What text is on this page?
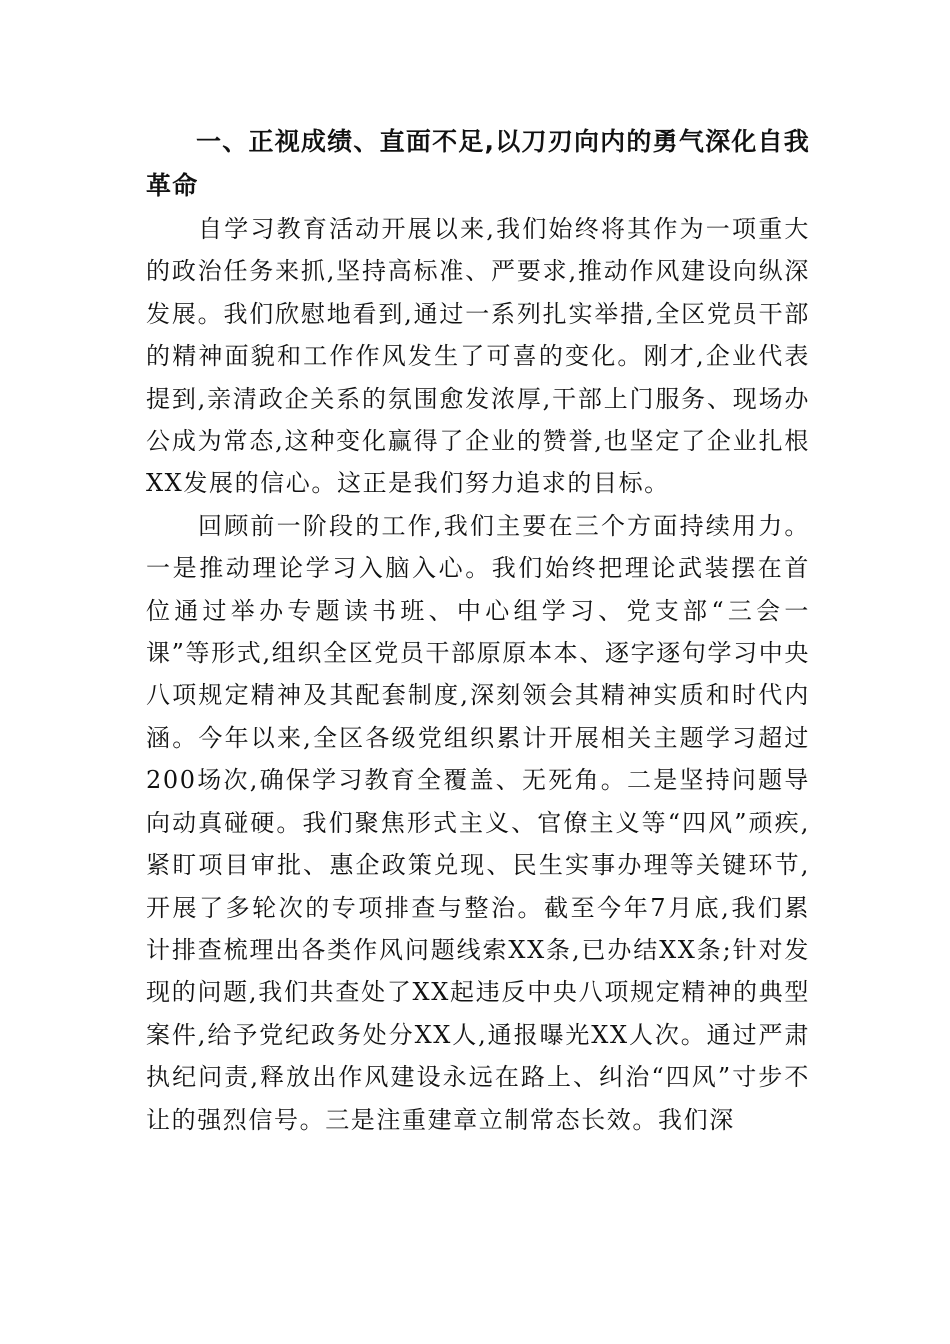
一、正视成绩、直面不足,以刀刃向内的勇气深化自我革命

自学习教育活动开展以来,我们始终将其作为一项重大的政治任务来抓,坚持高标准、严要求,推动作风建设向纵深发展。我们欣慰地看到,通过一系列扎实举措,全区党员干部的精神面貌和工作作风发生了可喜的变化。刚才,企业代表提到,亲清政企关系的氛围愈发浓厚,干部上门服务、现场办公成为常态,这种变化赢得了企业的赞誉,也坚定了企业扎根XX发展的信心。这正是我们努力追求的目标。

回顾前一阶段的工作,我们主要在三个方面持续用力。一是推动理论学习入脑入心。我们始终把理论武装摆在首位通过举办专题读书班、中心组学习、党支部“三会一课”等形式,组织全区党员干部原原本本、逐字逐句学习中央八项规定精神及其配套制度,深刻领会其精神实质和时代内涵。今年以来,全区各级党组织累计开展相关主题学习超过200场次,确保学习教育全覆盖、无死角。二是坚持问题导向动真碰硬。我们聚焦形式主义、官僚主义等“四风”顽疾,紧盯项目审批、惠企政策兑现、民生实事办理等关键环节,开展了多轮次的专项排查与整治。截至今年7月底,我们累计排查梳理出各类作风问题线索XX条,已办结XX条;针对发现的问题,我们共查处了XX起违反中央八项规定精神的典型案件,给予党纪政务处分XX人,通报曝光XX人次。通过严肃执纪问责,释放出作风建设永远在路上、纠治“四风”寸步不让的强烈信号。三是注重建章立制常态长效。我们深
